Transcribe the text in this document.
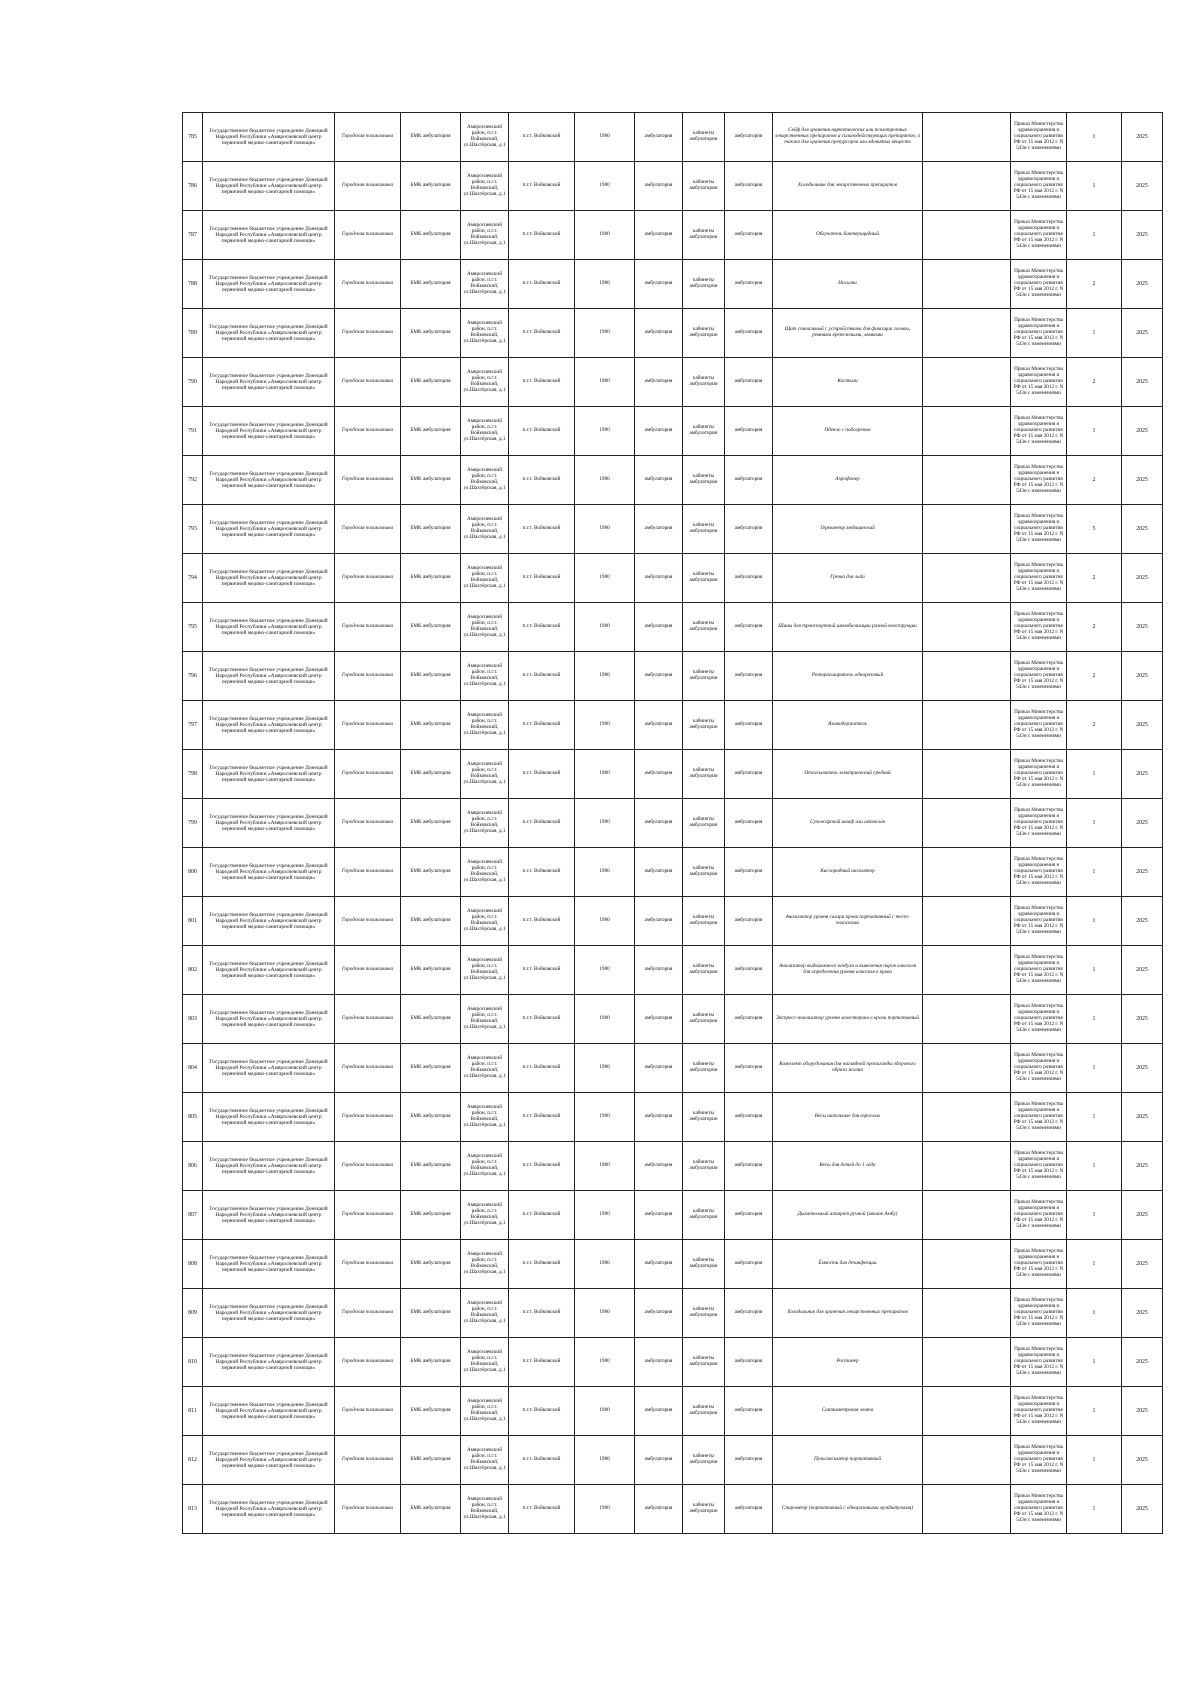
785	Государственное бюджетное учреждение Донецкой Народной Республики «Амвросиевский центр первичной медико-санитарной помощи»	Городская поликлиника	БМК амбулатория	Амвросиевский район, п.г.т. Войковский, ул.Шахтёрская, д.1	п.г.т. Войковский	1980	амбулатория	кабинеты амбулатории	амбулатория	Сейф для хранения наркотических или психотропных лекарственных препаратов и сильнодействующих препаратов, а также для хранения прекурсоров или ядовитых веществ		Приказ Министерства здравоохранения и социального развития РФ от 15 мая 2012 г. N 543н с изменениями	1	2025
786	Государственное бюджетное учреждение Донецкой Народной Республики «Амвросиевский центр первичной медико-санитарной помощи»	Городская поликлиника	БМК амбулатория	Амвросиевский район, п.г.т. Войковский, ул.Шахтёрская, д.1	п.г.т. Войковский	1980	амбулатория	кабинеты амбулатории	амбулатория	Холодильник для лекарственных препаратов		Приказ Министерства здравоохранения и социального развития РФ от 15 мая 2012 г. N 543н с изменениями	1	2025
787	Государственное бюджетное учреждение Донецкой Народной Республики «Амвросиевский центр первичной медико-санитарной помощи»	Городская поликлиника	БМК амбулатория	Амвросиевский район, п.г.т. Войковский, ул.Шахтёрская, д.1	п.г.т. Войковский	1980	амбулатория	кабинеты амбулатории	амбулатория	Облучатель бактерицидный		Приказ Министерства здравоохранения и социального развития РФ от 15 мая 2012 г. N 543н с изменениями	1	2025
788	Государственное бюджетное учреждение Донецкой Народной Республики «Амвросиевский центр первичной медико-санитарной помощи»	Городская поликлиника	БМК амбулатория	Амвросиевский район, п.г.т. Войковский, ул.Шахтёрская, д.1	п.г.т. Войковский	1980	амбулатория	кабинеты амбулатории	амбулатория	Носилки		Приказ Министерства здравоохранения и социального развития РФ от 15 мая 2012 г. N 543н с изменениями	2	2025
789	Государственное бюджетное учреждение Донецкой Народной Республики «Амвросиевский центр первичной медико-санитарной помощи»	Городская поликлиника	БМК амбулатория	Амвросиевский район, п.г.т. Войковский, ул.Шахтёрская, д.1	п.г.т. Войковский	1980	амбулатория	кабинеты амбулатории	амбулатория	Щит спинальный с устройствами для фиксации головы, ремнями крепежными, лямками		Приказ Министерства здравоохранения и социального развития РФ от 15 мая 2012 г. N 543н с изменениями	1	2025
790	Государственное бюджетное учреждение Донецкой Народной Республики «Амвросиевский центр первичной медико-санитарной помощи»	Городская поликлиника	БМК амбулатория	Амвросиевский район, п.г.т. Войковский, ул.Шахтёрская, д.1	п.г.т. Войковский	1980	амбулатория	кабинеты амбулатории	амбулатория	Костыли		Приказ Министерства здравоохранения и социального развития РФ от 15 мая 2012 г. N 543н с изменениями	2	2025
791	Государственное бюджетное учреждение Донецкой Народной Республики «Амвросиевский центр первичной медико-санитарной помощи»	Городская поликлиника	БМК амбулатория	Амвросиевский район, п.г.т. Войковский, ул.Шахтёрская, д.1	п.г.т. Войковский	1980	амбулатория	кабинеты амбулатории	амбулатория	Одеяло с подогревом		Приказ Министерства здравоохранения и социального развития РФ от 15 мая 2012 г. N 543н с изменениями	1	2025
792	Государственное бюджетное учреждение Донецкой Народной Республики «Амвросиевский центр первичной медико-санитарной помощи»	Городская поликлиника	БМК амбулатория	Амвросиевский район, п.г.т. Войковский, ул.Шахтёрская, д.1	п.г.т. Войковский	1980	амбулатория	кабинеты амбулатории	амбулатория	Аэрофонер		Приказ Министерства здравоохранения и социального развития РФ от 15 мая 2012 г. N 543н с изменениями	2	2025
793	Государственное бюджетное учреждение Донецкой Народной Республики «Амвросиевский центр первичной медико-санитарной помощи»	Городская поликлиника	БМК амбулатория	Амвросиевский район, п.г.т. Войковский, ул.Шахтёрская, д.1	п.г.т. Войковский	1980	амбулатория	кабинеты амбулатории	амбулатория	Термометр медицинский		Приказ Министерства здравоохранения и социального развития РФ от 15 мая 2012 г. N 543н с изменениями	5	2025
794	Государственное бюджетное учреждение Донецкой Народной Республики «Амвросиевский центр первичной медико-санитарной помощи»	Городская поликлиника	БМК амбулатория	Амвросиевский район, п.г.т. Войковский, ул.Шахтёрская, д.1	п.г.т. Войковский	1980	амбулатория	кабинеты амбулатории	амбулатория	Грелка для льда		Приказ Министерства здравоохранения и социального развития РФ от 15 мая 2012 г. N 543н с изменениями	2	2025
795	Государственное бюджетное учреждение Донецкой Народной Республики «Амвросиевский центр первичной медико-санитарной помощи»	Городская поликлиника	БМК амбулатория	Амвросиевский район, п.г.т. Войковский, ул.Шахтёрская, д.1	п.г.т. Войковский	1980	амбулатория	кабинеты амбулатории	амбулатория	Шины для транспортной иммобилизации разной конструкции		Приказ Министерства здравоохранения и социального развития РФ от 15 мая 2012 г. N 543н с изменениями	2	2025
796	Государственное бюджетное учреждение Донецкой Народной Республики «Амвросиевский центр первичной медико-санитарной помощи»	Городская поликлиника	БМК амбулатория	Амвросиевский район, п.г.т. Войковский, ул.Шахтёрская, д.1	п.г.т. Войковский	1980	амбулатория	кабинеты амбулатории	амбулатория	Роторасширитель одноразовый		Приказ Министерства здравоохранения и социального развития РФ от 15 мая 2012 г. N 543н с изменениями	2	2025
797	Государственное бюджетное учреждение Донецкой Народной Республики «Амвросиевский центр первичной медико-санитарной помощи»	Городская поликлиника	БМК амбулатория	Амвросиевский район, п.г.т. Войковский, ул.Шахтёрская, д.1	п.г.т. Войковский	1980	амбулатория	кабинеты амбулатории	амбулатория	Языкодержатель		Приказ Министерства здравоохранения и социального развития РФ от 15 мая 2012 г. N 543н с изменениями	2	2025
798	Государственное бюджетное учреждение Донецкой Народной Республики «Амвросиевский центр первичной медико-санитарной помощи»	Городская поликлиника	БМК амбулатория	Амвросиевский район, п.г.т. Войковский, ул.Шахтёрская, д.1	п.г.т. Войковский	1980	амбулатория	кабинеты амбулатории	амбулатория	Отсасыватель электрический средний		Приказ Министерства здравоохранения и социального развития РФ от 15 мая 2012 г. N 543н с изменениями	1	2025
799	Государственное бюджетное учреждение Донецкой Народной Республики «Амвросиевский центр первичной медико-санитарной помощи»	Городская поликлиника	БМК амбулатория	Амвросиевский район, п.г.т. Войковский, ул.Шахтёрская, д.1	п.г.т. Войковский	1980	амбулатория	кабинеты амбулатории	амбулатория	Сухожаровой шкаф или автоклав		Приказ Министерства здравоохранения и социального развития РФ от 15 мая 2012 г. N 543н с изменениями	1	2025
800	Государственное бюджетное учреждение Донецкой Народной Республики «Амвросиевский центр первичной медико-санитарной помощи»	Городская поликлиника	БМК амбулатория	Амвросиевский район, п.г.т. Войковский, ул.Шахтёрская, д.1	п.г.т. Войковский	1980	амбулатория	кабинеты амбулатории	амбулатория	Кислородный ингалятор		Приказ Министерства здравоохранения и социального развития РФ от 15 мая 2012 г. N 543н с изменениями	1	2025
801	Государственное бюджетное учреждение Донецкой Народной Республики «Амвросиевский центр первичной медико-санитарной помощи»	Городская поликлиника	БМК амбулатория	Амвросиевский район, п.г.т. Войковский, ул.Шахтёрская, д.1	п.г.т. Войковский	1980	амбулатория	кабинеты амбулатории	амбулатория	Анализатор уровня сахара крови портативный с тест-полосками		Приказ Министерства здравоохранения и социального развития РФ от 15 мая 2012 г. N 543н с изменениями	1	2025
802	Государственное бюджетное учреждение Донецкой Народной Республики «Амвросиевский центр первичной медико-санитарной помощи»	Городская поликлиника	БМК амбулатория	Амвросиевский район, п.г.т. Войковский, ул.Шахтёрская, д.1	п.г.т. Войковский	1980	амбулатория	кабинеты амбулатории	амбулатория	Анализатор выдыхаемого воздуха и выявления паров алкоголя для определения уровня алкоголя в крови		Приказ Министерства здравоохранения и социального развития РФ от 15 мая 2012 г. N 543н с изменениями	1	2025
803	Государственное бюджетное учреждение Донецкой Народной Республики «Амвросиевский центр первичной медико-санитарной помощи»	Городская поликлиника	БМК амбулатория	Амвросиевский район, п.г.т. Войковский, ул.Шахтёрская, д.1	п.г.т. Войковский	1980	амбулатория	кабинеты амбулатории	амбулатория	Экспресс-анализатор уровня холестерина в крови портативный		Приказ Министерства здравоохранения и социального развития РФ от 15 мая 2012 г. N 543н с изменениями	1	2025
804	Государственное бюджетное учреждение Донецкой Народной Республики «Амвросиевский центр первичной медико-санитарной помощи»	Городская поликлиника	БМК амбулатория	Амвросиевский район, п.г.т. Войковский, ул.Шахтёрская, д.1	п.г.т. Войковский	1980	амбулатория	кабинеты амбулатории	амбулатория	Комплект оборудования для наглядной пропаганды здорового образа жизни		Приказ Министерства здравоохранения и социального развития РФ от 15 мая 2012 г. N 543н с изменениями	1	2025
805	Государственное бюджетное учреждение Донецкой Народной Республики «Амвросиевский центр первичной медико-санитарной помощи»	Городская поликлиника	БМК амбулатория	Амвросиевский район, п.г.т. Войковский, ул.Шахтёрская, д.1	п.г.т. Войковский	1980	амбулатория	кабинеты амбулатории	амбулатория	Весы напольные для взрослых		Приказ Министерства здравоохранения и социального развития РФ от 15 мая 2012 г. N 543н с изменениями	1	2025
806	Государственное бюджетное учреждение Донецкой Народной Республики «Амвросиевский центр первичной медико-санитарной помощи»	Городская поликлиника	БМК амбулатория	Амвросиевский район, п.г.т. Войковский, ул.Шахтёрская, д.1	п.г.т. Войковский	1980	амбулатория	кабинеты амбулатории	амбулатория	Весы для детей до 1 года		Приказ Министерства здравоохранения и социального развития РФ от 15 мая 2012 г. N 543н с изменениями	1	2025
807	Государственное бюджетное учреждение Донецкой Народной Республики «Амвросиевский центр первичной медико-санитарной помощи»	Городская поликлиника	БМК амбулатория	Амвросиевский район, п.г.т. Войковский, ул.Шахтёрская, д.1	п.г.т. Войковский	1980	амбулатория	кабинеты амбулатории	амбулатория	Дыхательный аппарат ручной (мешок Амбу)		Приказ Министерства здравоохранения и социального развития РФ от 15 мая 2012 г. N 543н с изменениями	1	2025
808	Государственное бюджетное учреждение Донецкой Народной Республики «Амвросиевский центр первичной медико-санитарной помощи»	Городская поликлиника	БМК амбулатория	Амвросиевский район, п.г.т. Войковский, ул.Шахтёрская, д.1	п.г.т. Войковский	1980	амбулатория	кабинеты амбулатории	амбулатория	Ёмкости для дезинфекции		Приказ Министерства здравоохранения и социального развития РФ от 15 мая 2012 г. N 543н с изменениями	1	2025
809	Государственное бюджетное учреждение Донецкой Народной Республики «Амвросиевский центр первичной медико-санитарной помощи»	Городская поликлиника	БМК амбулатория	Амвросиевский район, п.г.т. Войковский, ул.Шахтёрская, д.1	п.г.т. Войковский	1980	амбулатория	кабинеты амбулатории	амбулатория	Холодильник для хранения лекарственных препаратов		Приказ Министерства здравоохранения и социального развития РФ от 15 мая 2012 г. N 543н с изменениями	1	2025
810	Государственное бюджетное учреждение Донецкой Народной Республики «Амвросиевский центр первичной медико-санитарной помощи»	Городская поликлиника	БМК амбулатория	Амвросиевский район, п.г.т. Войковский, ул.Шахтёрская, д.1	п.г.т. Войковский	1980	амбулатория	кабинеты амбулатории	амбулатория	Ростомер		Приказ Министерства здравоохранения и социального развития РФ от 15 мая 2012 г. N 543н с изменениями	1	2025
811	Государственное бюджетное учреждение Донецкой Народной Республики «Амвросиевский центр первичной медико-санитарной помощи»	Городская поликлиника	БМК амбулатория	Амвросиевский район, п.г.т. Войковский, ул.Шахтёрская, д.1	п.г.т. Войковский	1980	амбулатория	кабинеты амбулатории	амбулатория	Сантиметровая лента		Приказ Министерства здравоохранения и социального развития РФ от 15 мая 2012 г. N 543н с изменениями	1	2025
812	Государственное бюджетное учреждение Донецкой Народной Республики «Амвросиевский центр первичной медико-санитарной помощи»	Городская поликлиника	БМК амбулатория	Амвросиевский район, п.г.т. Войковский, ул.Шахтёрская, д.1	п.г.т. Войковский	1980	амбулатория	кабинеты амбулатории	амбулатория	Пульсоксиметр портативный		Приказ Министерства здравоохранения и социального развития РФ от 15 мая 2012 г. N 543н с изменениями	1	2025
813	Государственное бюджетное учреждение Донецкой Народной Республики «Амвросиевский центр первичной медико-санитарной помощи»	Городская поликлиника	БМК амбулатория	Амвросиевский район, п.г.т. Войковский, ул.Шахтёрская, д.1	п.г.т. Войковский	1980	амбулатория	кабинеты амбулатории	амбулатория	Спирометр (портативный с одноразовыми мундштуками)		Приказ Министерства здравоохранения и социального развития РФ от 15 мая 2012 г. N 543н с изменениями	1	2025
